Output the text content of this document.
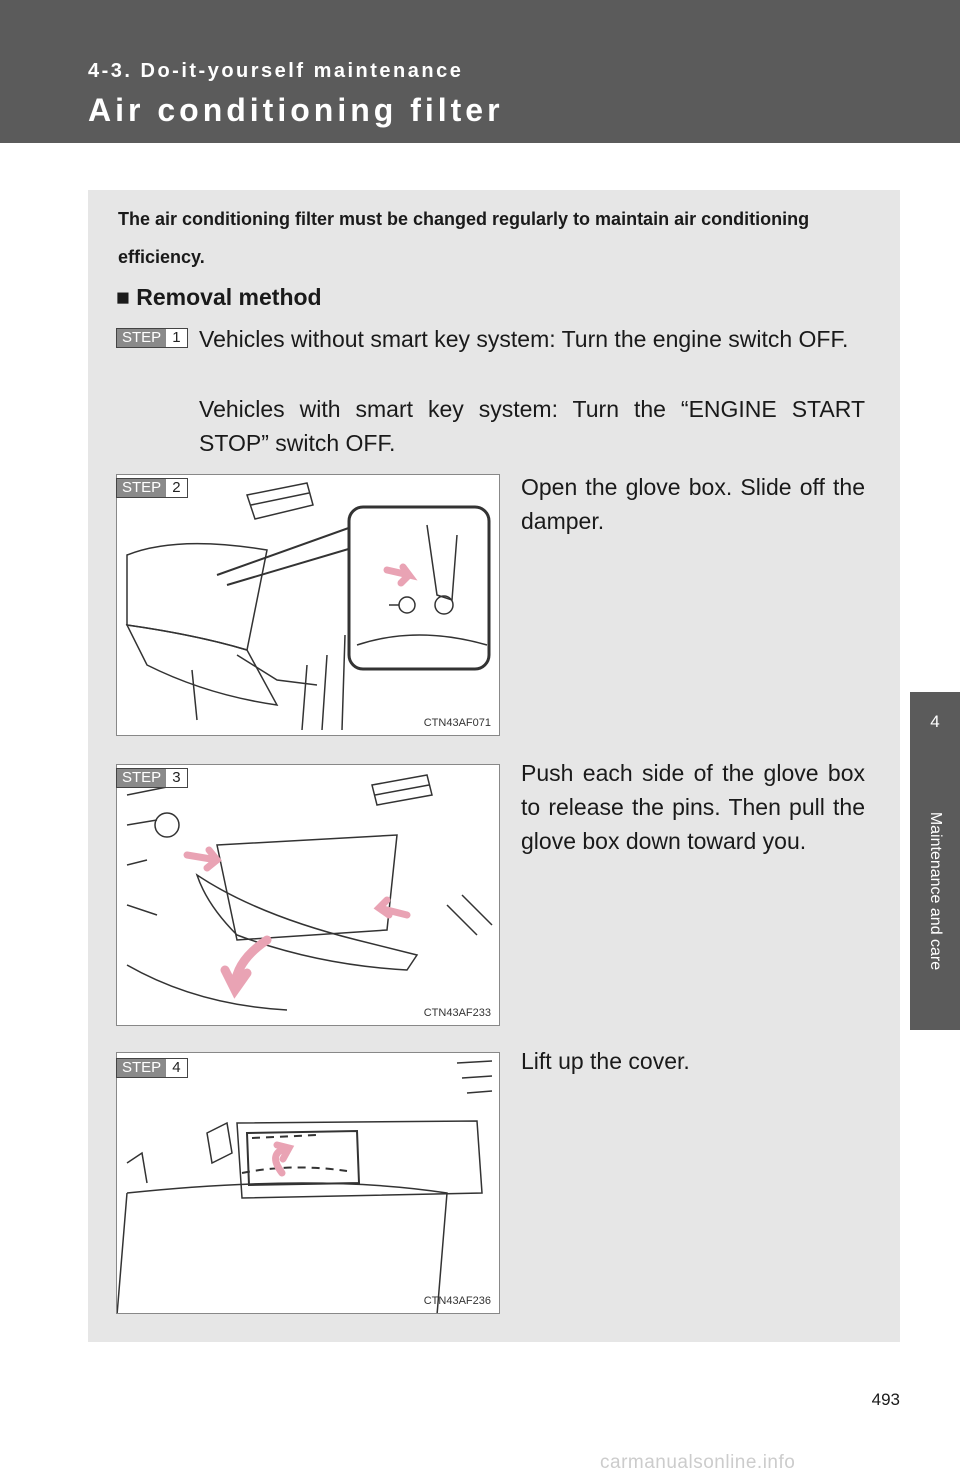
4-3. Do-it-yourself maintenance
Air conditioning filter
4
Maintenance and care

The air conditioning filter must be changed regularly to maintain air conditioning efficiency.

■ Removal method

STEP 1 Vehicles without smart key system: Turn the engine switch OFF.
Vehicles with smart key system: Turn the “ENGINE START STOP” switch OFF.
CTN43AF071
STEP 2	Open the glove box. Slide off the damper.
CTN43AF233
STEP 3	Push each side of the glove box to release the pins. Then pull the glove box down toward you.
CTN43AF236
STEP 4	Lift up the cover.
493
carmanualsonline.info
